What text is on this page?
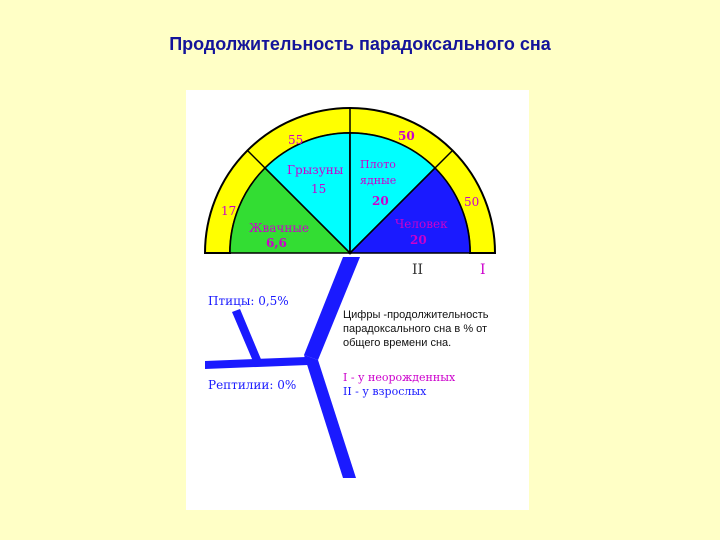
Продолжительность парадоксального сна
55	50
17
50
Грызуны
15
Плото
ядные
20
Жвачные
6,6
Человек
20
II	I
Птицы: 0,5%
Рептилии: 0%
Цифры -продолжительность
парадоксального сна в % от
общего времени сна.
I - у неорожденных
II - у взрослых
